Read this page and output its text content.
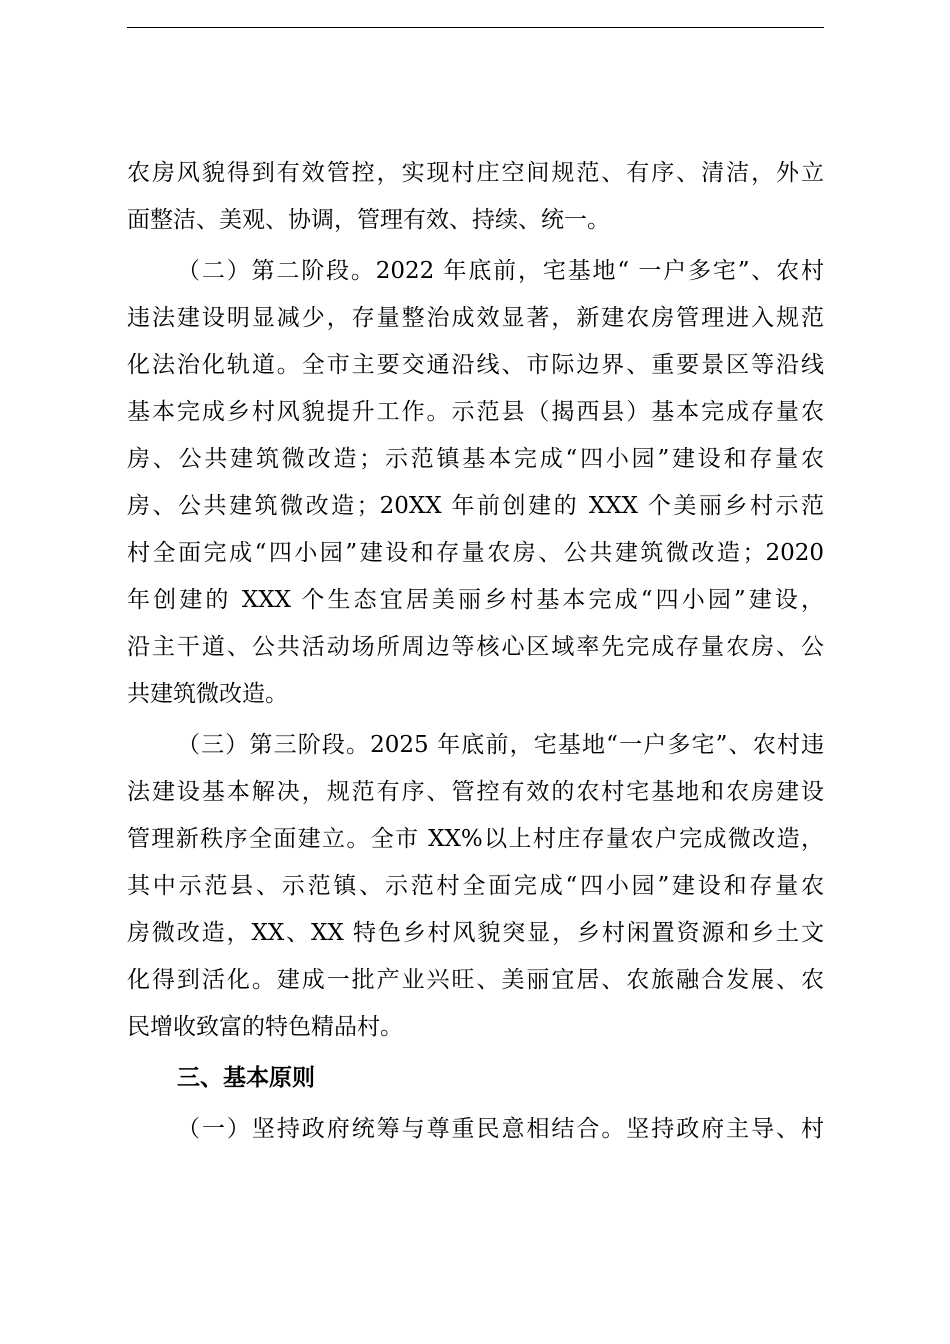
农房风貌得到有效管控，实现村庄空间规范、有序、清洁，外立
面整洁、美观、协调，管理有效、持续、统一。
（二）第二阶段。2022 年底前，宅基地“ 一户多宅”、农村
违法建设明显减少，存量整治成效显著，新建农房管理进入规范
化法治化轨道。全市主要交通沿线、市际边界、重要景区等沿线
基本完成乡村风貌提升工作。示范县（揭西县）基本完成存量农
房、公共建筑微改造；示范镇基本完成“四小园”建设和存量农
房、公共建筑微改造；20XX 年前创建的 XXX 个美丽乡村示范
村全面完成“四小园”建设和存量农房、公共建筑微改造；2020
年创建的 XXX 个生态宜居美丽乡村基本完成“四小园”建设，
沿主干道、公共活动场所周边等核心区域率先完成存量农房、公
共建筑微改造。
（三）第三阶段。2025 年底前，宅基地“一户多宅”、农村违
法建设基本解决，规范有序、管控有效的农村宅基地和农房建设
管理新秩序全面建立。全市 XX%以上村庄存量农户完成微改造，
其中示范县、示范镇、示范村全面完成“四小园”建设和存量农
房微改造，XX、XX 特色乡村风貌突显，乡村闲置资源和乡土文
化得到活化。建成一批产业兴旺、美丽宜居、农旅融合发展、农
民增收致富的特色精品村。
三、基本原则
（一）坚持政府统筹与尊重民意相结合。坚持政府主导、村
